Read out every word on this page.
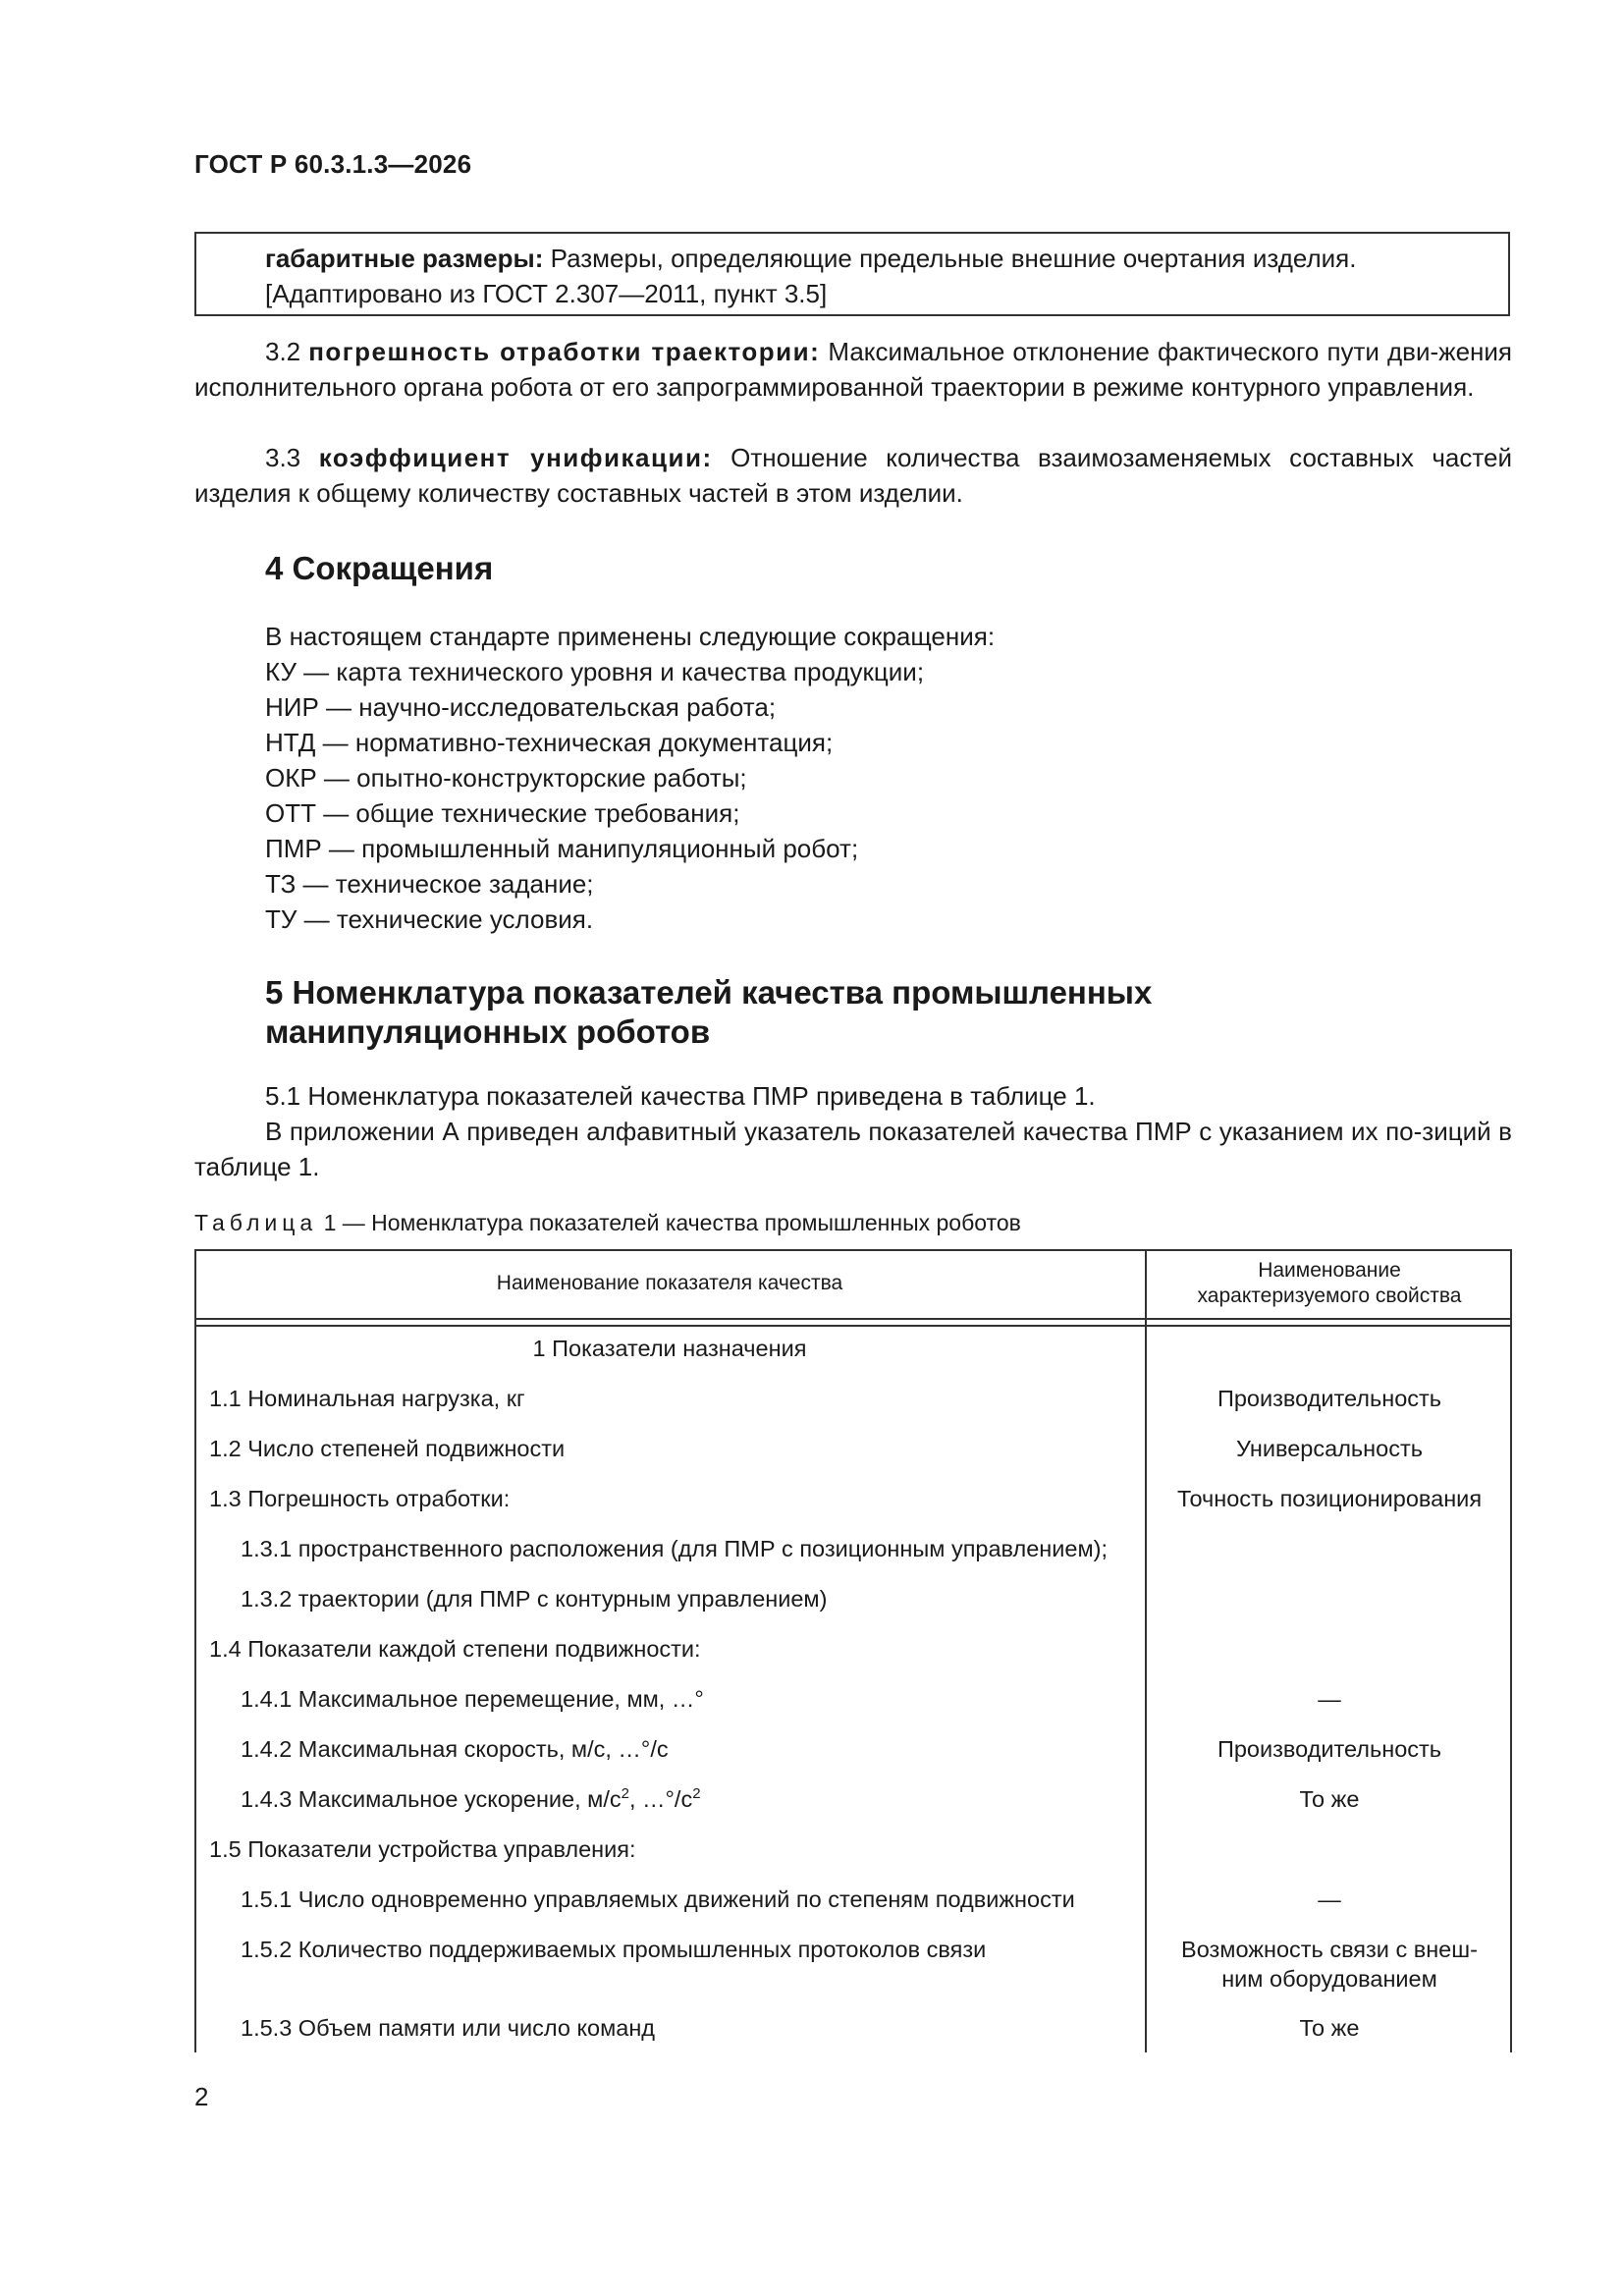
ГОСТ Р 60.3.1.3—2026
габаритные размеры: Размеры, определяющие предельные внешние очертания изделия.
[Адаптировано из ГОСТ 2.307—2011, пункт 3.5]
3.2 погрешность отработки траектории: Максимальное отклонение фактического пути дви-жения исполнительного органа робота от его запрограммированной траектории в режиме контурного управления.
3.3 коэффициент унификации: Отношение количества взаимозаменяемых составных частей изделия к общему количеству составных частей в этом изделии.
4 Сокращения
В настоящем стандарте применены следующие сокращения:
КУ — карта технического уровня и качества продукции;
НИР — научно-исследовательская работа;
НТД — нормативно-техническая документация;
ОКР — опытно-конструкторские работы;
ОТТ — общие технические требования;
ПМР — промышленный манипуляционный робот;
ТЗ — техническое задание;
ТУ — технические условия.
5 Номенклатура показателей качества промышленных
манипуляционных роботов
5.1 Номенклатура показателей качества ПМР приведена в таблице 1.
В приложении А приведен алфавитный указатель показателей качества ПМР с указанием их по-зиций в таблице 1.
Таблица 1 — Номенклатура показателей качества промышленных роботов
Наименование показателя качества
Наименование
характеризуемого свойства
1 Показатели назначения
1.1 Номинальная нагрузка, кг	Производительность
1.2 Число степеней подвижности	Универсальность
1.3 Погрешность отработки:	Точность позиционирования
1.3.1 пространственного расположения (для ПМР с позиционным управлением);
1.3.2 траектории (для ПМР с контурным управлением)
1.4 Показатели каждой степени подвижности:
1.4.1 Максимальное перемещение, мм, …°	—
1.4.2 Максимальная скорость, м/с, …°/с	Производительность
1.4.3 Максимальное ускорение, $м/с^2$, $\dots^\circ/с^2$	То же
1.5 Показатели устройства управления:
1.5.1 Число одновременно управляемых движений по степеням подвижности	—
1.5.2 Количество поддерживаемых промышленных протоколов связи	Возможность связи с внеш-
ним оборудованием
1.5.3 Объем памяти или число команд	То же
2
